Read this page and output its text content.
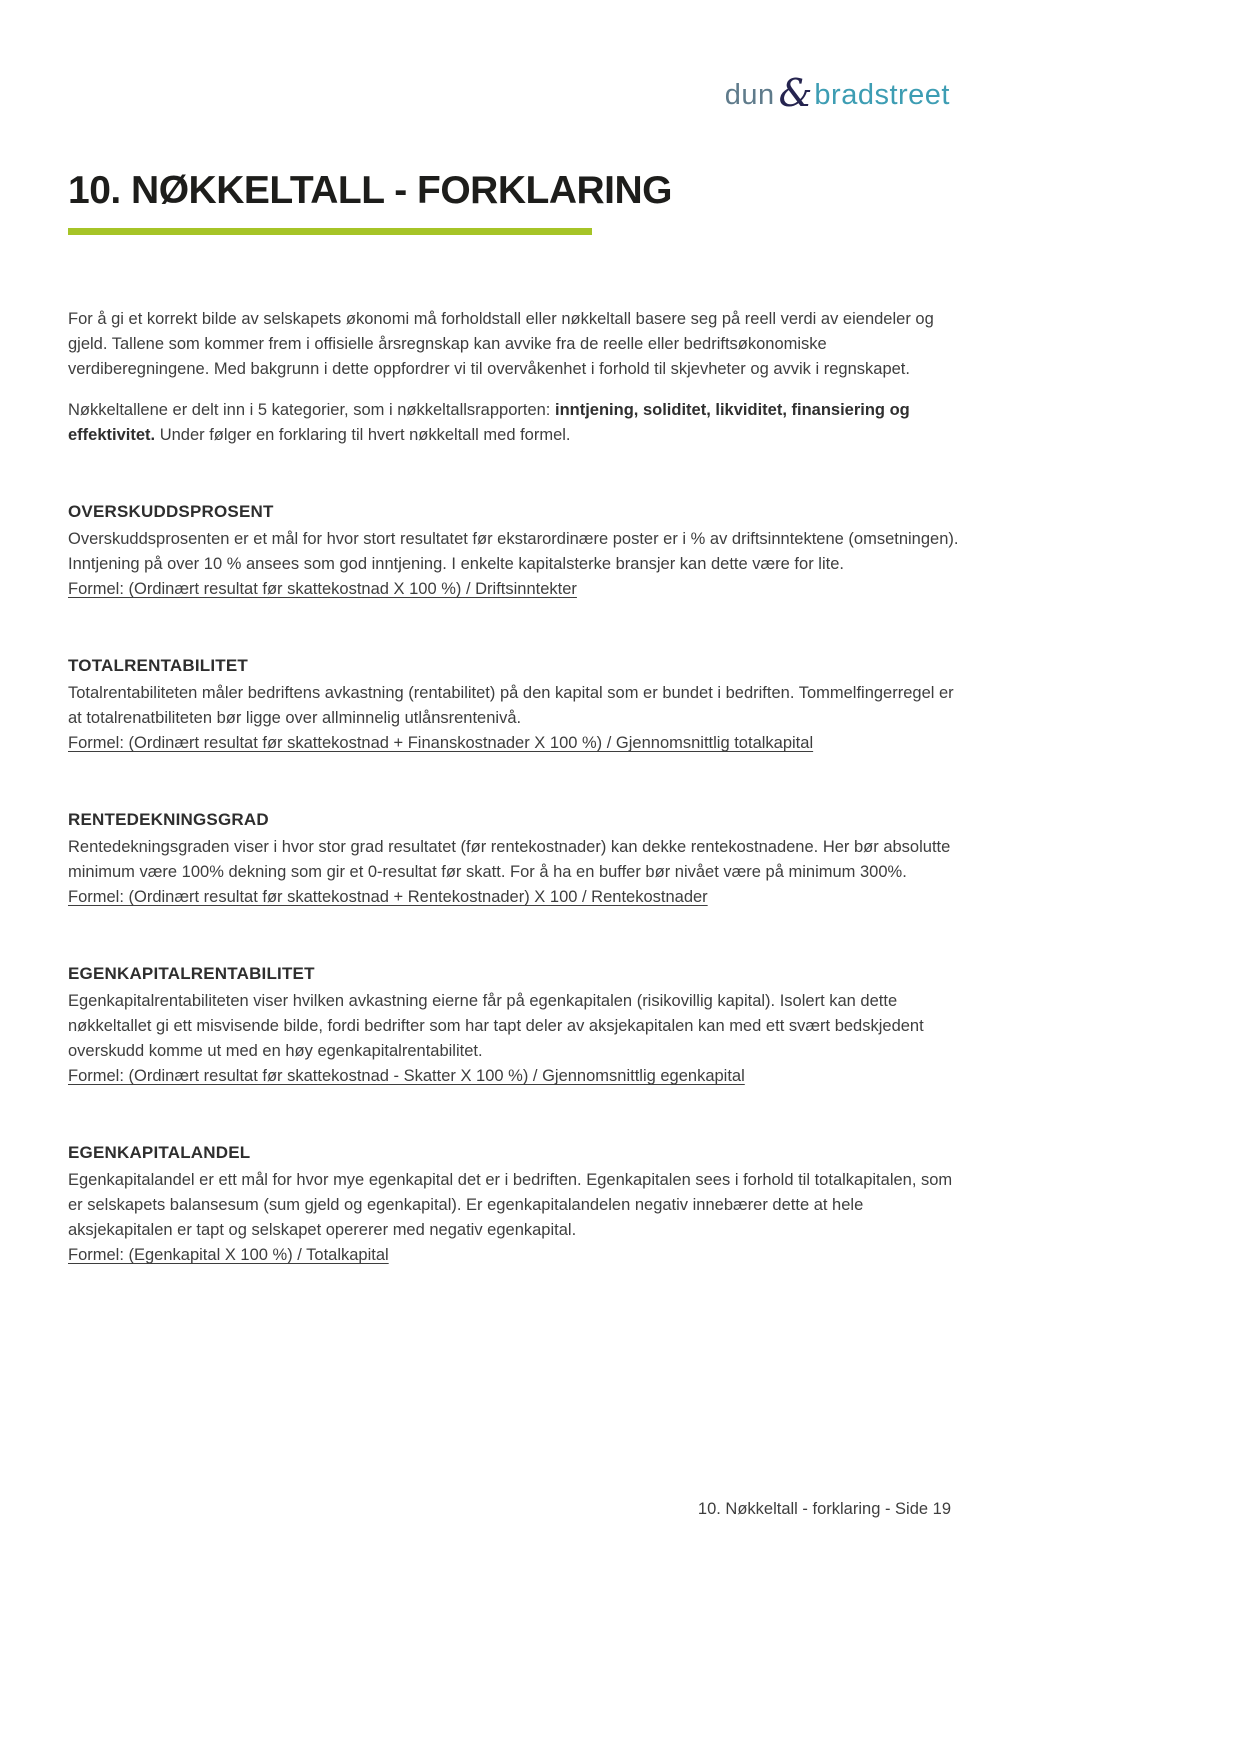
dun & bradstreet
10. NØKKELTALL - FORKLARING

For å gi et korrekt bilde av selskapets økonomi må forholdstall eller nøkkeltall basere seg på reell verdi av eiendeler og gjeld. Tallene som kommer frem i offisielle årsregnskap kan avvike fra de reelle eller bedriftsøkonomiske verdiberegningene. Med bakgrunn i dette oppfordrer vi til overvåkenhet i forhold til skjevheter og avvik i regnskapet.

Nøkkeltallene er delt inn i 5 kategorier, som i nøkkeltallsrapporten: inntjening, soliditet, likviditet, finansiering og effektivitet. Under følger en forklaring til hvert nøkkeltall med formel.

OVERSKUDDSPROSENT

Overskuddsprosenten er et mål for hvor stort resultatet før ekstarordinære poster er i % av driftsinntektene (omsetningen). Inntjening på over 10 % ansees som god inntjening. I enkelte kapitalsterke bransjer kan dette være for lite.

Formel: (Ordinært resultat før skattekostnad X 100 %) / Driftsinntekter

TOTALRENTABILITET

Totalrentabiliteten måler bedriftens avkastning (rentabilitet) på den kapital som er bundet i bedriften. Tommelfingerregel er at totalrenatbiliteten bør ligge over allminnelig utlånsrentenivå.

Formel: (Ordinært resultat før skattekostnad + Finanskostnader X 100 %) / Gjennomsnittlig totalkapital

RENTEDEKNINGSGRAD

Rentedekningsgraden viser i hvor stor grad resultatet (før rentekostnader) kan dekke rentekostnadene. Her bør absolutte minimum være 100% dekning som gir et 0-resultat før skatt. For å ha en buffer bør nivået være på minimum 300%.

Formel: (Ordinært resultat før skattekostnad + Rentekostnader) X 100 / Rentekostnader

EGENKAPITALRENTABILITET

Egenkapitalrentabiliteten viser hvilken avkastning eierne får på egenkapitalen (risikovillig kapital). Isolert kan dette nøkkeltallet gi ett misvisende bilde, fordi bedrifter som har tapt deler av aksjekapitalen kan med ett svært bedskjedent overskudd komme ut med en høy egenkapitalrentabilitet.

Formel: (Ordinært resultat før skattekostnad - Skatter X 100 %) / Gjennomsnittlig egenkapital

EGENKAPITALANDEL

Egenkapitalandel er ett mål for hvor mye egenkapital det er i bedriften. Egenkapitalen sees i forhold til totalkapitalen, som er selskapets balansesum (sum gjeld og egenkapital). Er egenkapitalandelen negativ innebærer dette at hele aksjekapitalen er tapt og selskapet opererer med negativ egenkapital.

Formel: (Egenkapital X 100 %) / Totalkapital

10. Nøkkeltall - forklaring - Side 19
